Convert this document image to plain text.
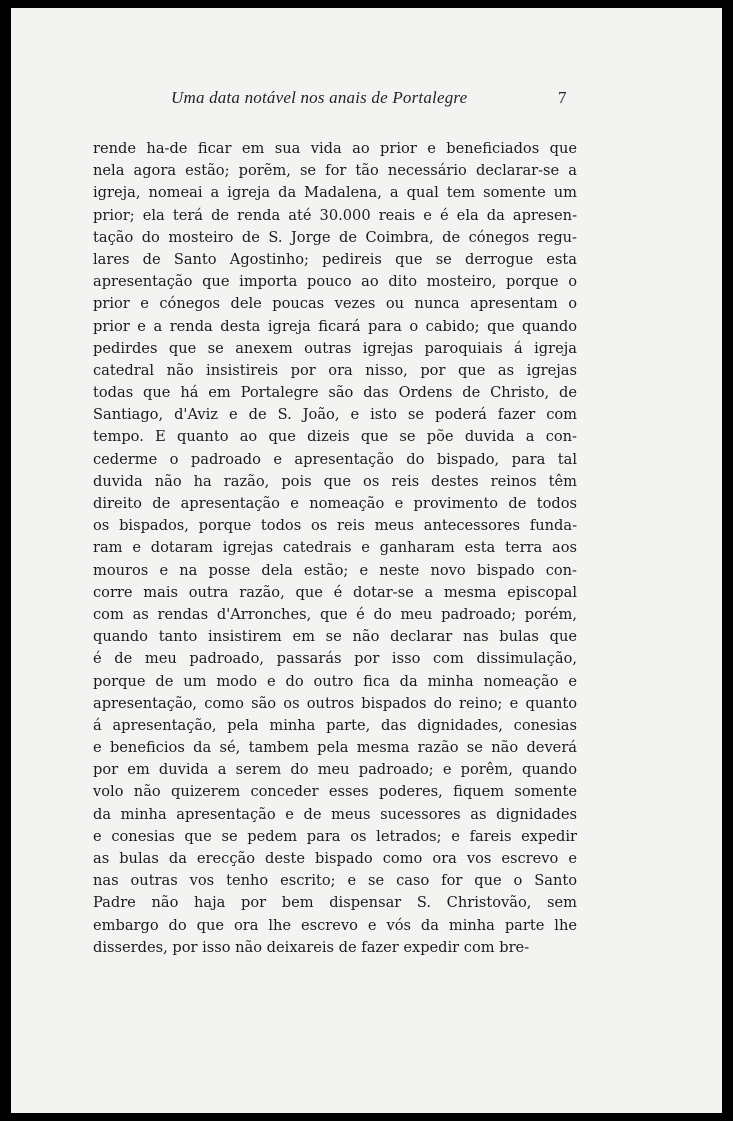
Uma data notável nos anais de Portalegre	7
rende ha-de ficar em sua vida ao prior e beneficiados que
nela agora estão; porẽm, se for tão necessário declarar-se a
igreja, nomeai a igreja da Madalena, a qual tem somente um
prior; ela terá de renda até 30.000 reais e é ela da apresen-
tação do mosteiro de S. Jorge de Coimbra, de cónegos regu-
lares de Santo Agostinho; pedireis que se derrogue esta
apresentação que importa pouco ao dito mosteiro, porque o
prior e cónegos dele poucas vezes ou nunca apresentam o
prior e a renda desta igreja ficará para o cabido; que quando
pedirdes que se anexem outras igrejas paroquiais á igreja
catedral não insistireis por ora nisso, por que as igrejas
todas que há em Portalegre são das Ordens de Christo, de
Santiago, d'Aviz e de S. João, e isto se poderá fazer com
tempo. E quanto ao que dizeis que se põe duvida a con-
cederme o padroado e apresentação do bispado, para tal
duvida não ha razão, pois que os reis destes reinos têm
direito de apresentação e nomeação e provimento de todos
os bispados, porque todos os reis meus antecessores funda-
ram e dotaram igrejas catedrais e ganharam esta terra aos
mouros e na posse dela estão; e neste novo bispado con-
corre mais outra razão, que é dotar-se a mesma episcopal
com as rendas d'Arronches, que é do meu padroado; porém,
quando tanto insistirem em se não declarar nas bulas que
é de meu padroado, passarás por isso com dissimulação,
porque de um modo e do outro fica da minha nomeação e
apresentação, como são os outros bispados do reino; e quanto
á apresentação, pela minha parte, das dignidades, conesias
e beneficios da sé, tambem pela mesma razão se não deverá
por em duvida a serem do meu padroado; e porêm, quando
volo não quizerem conceder esses poderes, fiquem somente
da minha apresentação e de meus sucessores as dignidades
e conesias que se pedem para os letrados; e fareis expedir
as bulas da erecção deste bispado como ora vos escrevo e
nas outras vos tenho escrito; e se caso for que o Santo
Padre não haja por bem dispensar S. Christovão, sem
embargo do que ora lhe escrevo e vós da minha parte lhe
disserdes, por isso não deixareis de fazer expedir com bre-
